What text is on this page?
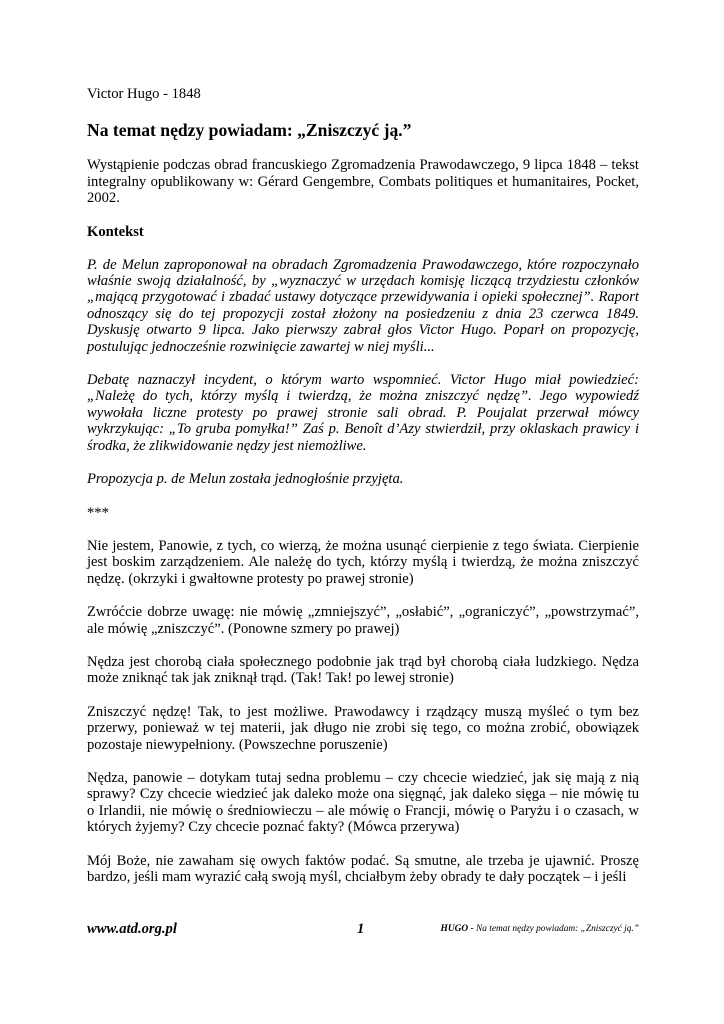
Victor Hugo - 1848

Na temat nędzy powiadam: „Zniszczyć ją.”

Wystąpienie podczas obrad francuskiego Zgromadzenia Prawodawczego, 9 lipca 1848 – tekst integralny opublikowany w: Gérard Gengembre, Combats politiques et humanitaires, Pocket, 2002.

Kontekst

P. de Melun zaproponował na obradach Zgromadzenia Prawodawczego, które rozpoczynało właśnie swoją działalność, by „wyznaczyć w urzędach komisję liczącą trzydziestu członków „mającą przygotować i zbadać ustawy dotyczące przewidywania i opieki społecznej”. Raport odnoszący się do tej propozycji został złożony na posiedzeniu z dnia 23 czerwca 1849. Dyskusję otwarto 9 lipca. Jako pierwszy zabrał głos Victor Hugo. Poparł on propozycję, postulując jednocześnie rozwinięcie zawartej w niej myśli...

Debatę naznaczył incydent, o którym warto wspomnieć. Victor Hugo miał powiedzieć: „Należę do tych, którzy myślą i twierdzą, że można zniszczyć nędzę”. Jego wypowiedź wywołała liczne protesty po prawej stronie sali obrad. P. Poujalat przerwał mówcy wykrzykując: „To gruba pomyłka!” Zaś p. Benoît d’Azy stwierdził, przy oklaskach prawicy i środka, że zlikwidowanie nędzy jest niemożliwe.

Propozycja p. de Melun została jednogłośnie przyjęta.

***

Nie jestem, Panowie, z tych, co wierzą, że można usunąć cierpienie z tego świata. Cierpienie jest boskim zarządzeniem. Ale należę do tych, którzy myślą i twierdzą, że można zniszczyć nędzę. (okrzyki i gwałtowne protesty po prawej stronie)

Zwróćcie dobrze uwagę: nie mówię „zmniejszyć”, „osłabić”, „ograniczyć”, „powstrzymać”, ale mówię „zniszczyć”. (Ponowne szmery po prawej)

Nędza jest chorobą ciała społecznego podobnie jak trąd był chorobą ciała ludzkiego. Nędza może zniknąć tak jak zniknął trąd. (Tak! Tak! po lewej stronie)

Zniszczyć nędzę! Tak, to jest możliwe. Prawodawcy i rządzący muszą myśleć o tym bez przerwy, ponieważ w tej materii, jak długo nie zrobi się tego, co można zrobić, obowiązek pozostaje niewypełniony. (Powszechne poruszenie)

Nędza, panowie – dotykam tutaj sedna problemu – czy chcecie wiedzieć, jak się mają z nią sprawy? Czy chcecie wiedzieć jak daleko może ona sięgnąć, jak daleko sięga – nie mówię tu o Irlandii, nie mówię o średniowieczu – ale mówię o Francji, mówię o Paryżu i o czasach, w których żyjemy? Czy chcecie poznać fakty? (Mówca przerywa)

Mój Boże, nie zawaham się owych faktów podać. Są smutne, ale trzeba je ujawnić. Proszę bardzo, jeśli mam wyrazić całą swoją myśl, chciałbym żeby obrady te dały początek – i jeśli

www.atd.org.pl	1	HUGO - Na temat nędzy powiadam: „Zniszczyć ją.”
